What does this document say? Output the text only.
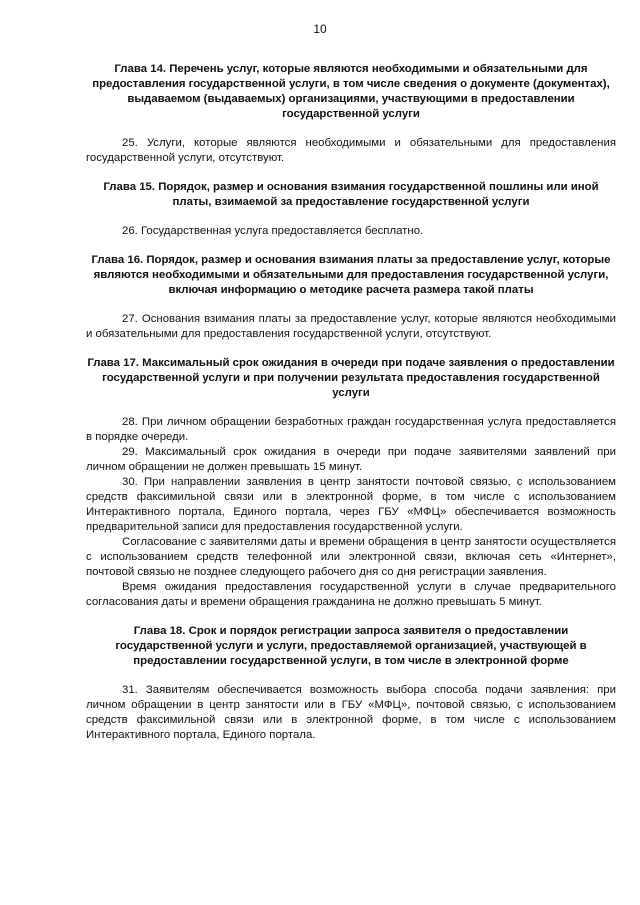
10

Глава 14. Перечень услуг, которые являются необходимыми и обязательными для предоставления государственной услуги, в том числе сведения о документе (документах), выдаваемом (выдаваемых) организациями, участвующими в предоставлении государственной услуги

25. Услуги, которые являются необходимыми и обязательными для предоставления государственной услуги, отсутствуют.

Глава 15. Порядок, размер и основания взимания государственной пошлины или иной платы, взимаемой за предоставление государственной услуги

26. Государственная услуга предоставляется бесплатно.

Глава 16. Порядок, размер и основания взимания платы за предоставление услуг, которые являются необходимыми и обязательными для предоставления государственной услуги, включая информацию о методике расчета размера такой платы

27. Основания взимания платы за предоставление услуг, которые являются необходимыми и обязательными для предоставления государственной услуги, отсутствуют.

Глава 17. Максимальный срок ожидания в очереди при подаче заявления о предоставлении государственной услуги и при получении результата предоставления государственной услуги

28. При личном обращении безработных граждан государственная услуга предоставляется в порядке очереди.

29. Максимальный срок ожидания в очереди при подаче заявителями заявлений при личном обращении не должен превышать 15 минут.

30. При направлении заявления в центр занятости почтовой связью, с использованием средств факсимильной связи или в электронной форме, в том числе с использованием Интерактивного портала, Единого портала, через ГБУ «МФЦ» обеспечивается возможность предварительной записи для предоставления государственной услуги.

Согласование с заявителями даты и времени обращения в центр занятости осуществляется с использованием средств телефонной или электронной связи, включая сеть «Интернет», почтовой связью не позднее следующего рабочего дня со дня регистрации заявления.

Время ожидания предоставления государственной услуги в случае предварительного согласования даты и времени обращения гражданина не должно превышать 5 минут.

Глава 18. Срок и порядок регистрации запроса заявителя о предоставлении государственной услуги и услуги, предоставляемой организацией, участвующей в предоставлении государственной услуги, в том числе в электронной форме

31. Заявителям обеспечивается возможность выбора способа подачи заявления: при личном обращении в центр занятости или в ГБУ «МФЦ», почтовой связью, с использованием средств факсимильной связи или в электронной форме, в том числе с использованием Интерактивного портала, Единого портала.
